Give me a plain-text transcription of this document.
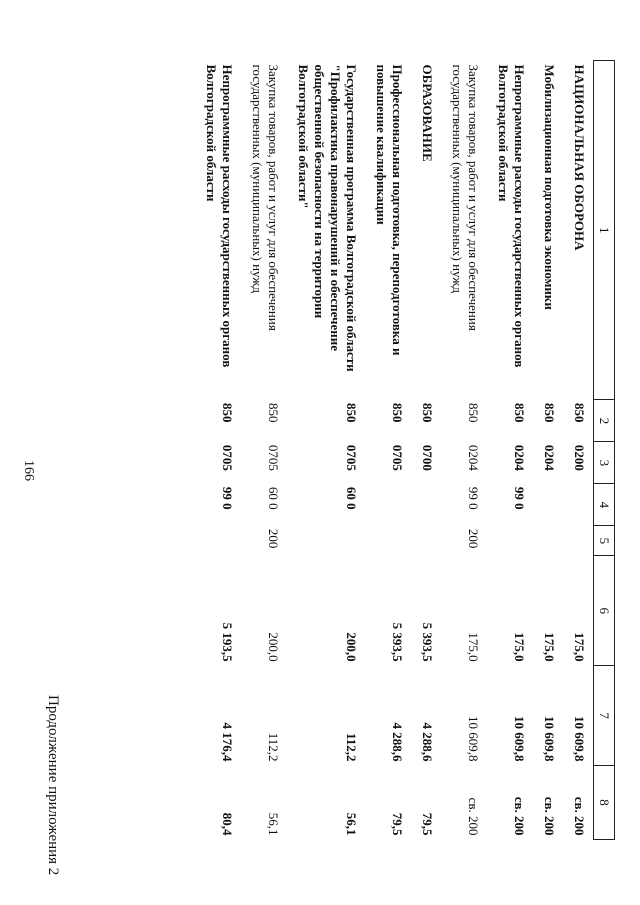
166
Продолжение приложения 2
1	2	3	4	5	6	7	8
НАЦИОНАЛЬНАЯ ОБОРОНА	850	0200			175,0	10 609,8	св. 200
Мобилизационная подготовка экономики	850	0204			175,0	10 609,8	св. 200
Непрограммные расходы государственных органов Волгоградской области	850	0204	99 0		175,0	10 609,8	св. 200
Закупка товаров, работ и услуг для обеспечения государственных (муниципальных) нужд	850	0204	99 0	200	175,0	10 609,8	св. 200
ОБРАЗОВАНИЕ	850	0700			5 393,5	4 288,6	79,5
Профессиональная подготовка, переподготовка и повышение квалификации	850	0705			5 393,5	4 288,6	79,5
Государственная программа Волгоградской области "Профилактика правонарушений и обеспечение общественной безопасности на территории Волгоградской области"	850	0705	60 0		200,0	112,2	56,1
Закупка товаров, работ и услуг для обеспечения государственных (муниципальных) нужд	850	0705	60 0	200	200,0	112,2	56,1
Непрограммные расходы государственных органов Волгоградской области	850	0705	99 0		5 193,5	4 176,4	80,4
